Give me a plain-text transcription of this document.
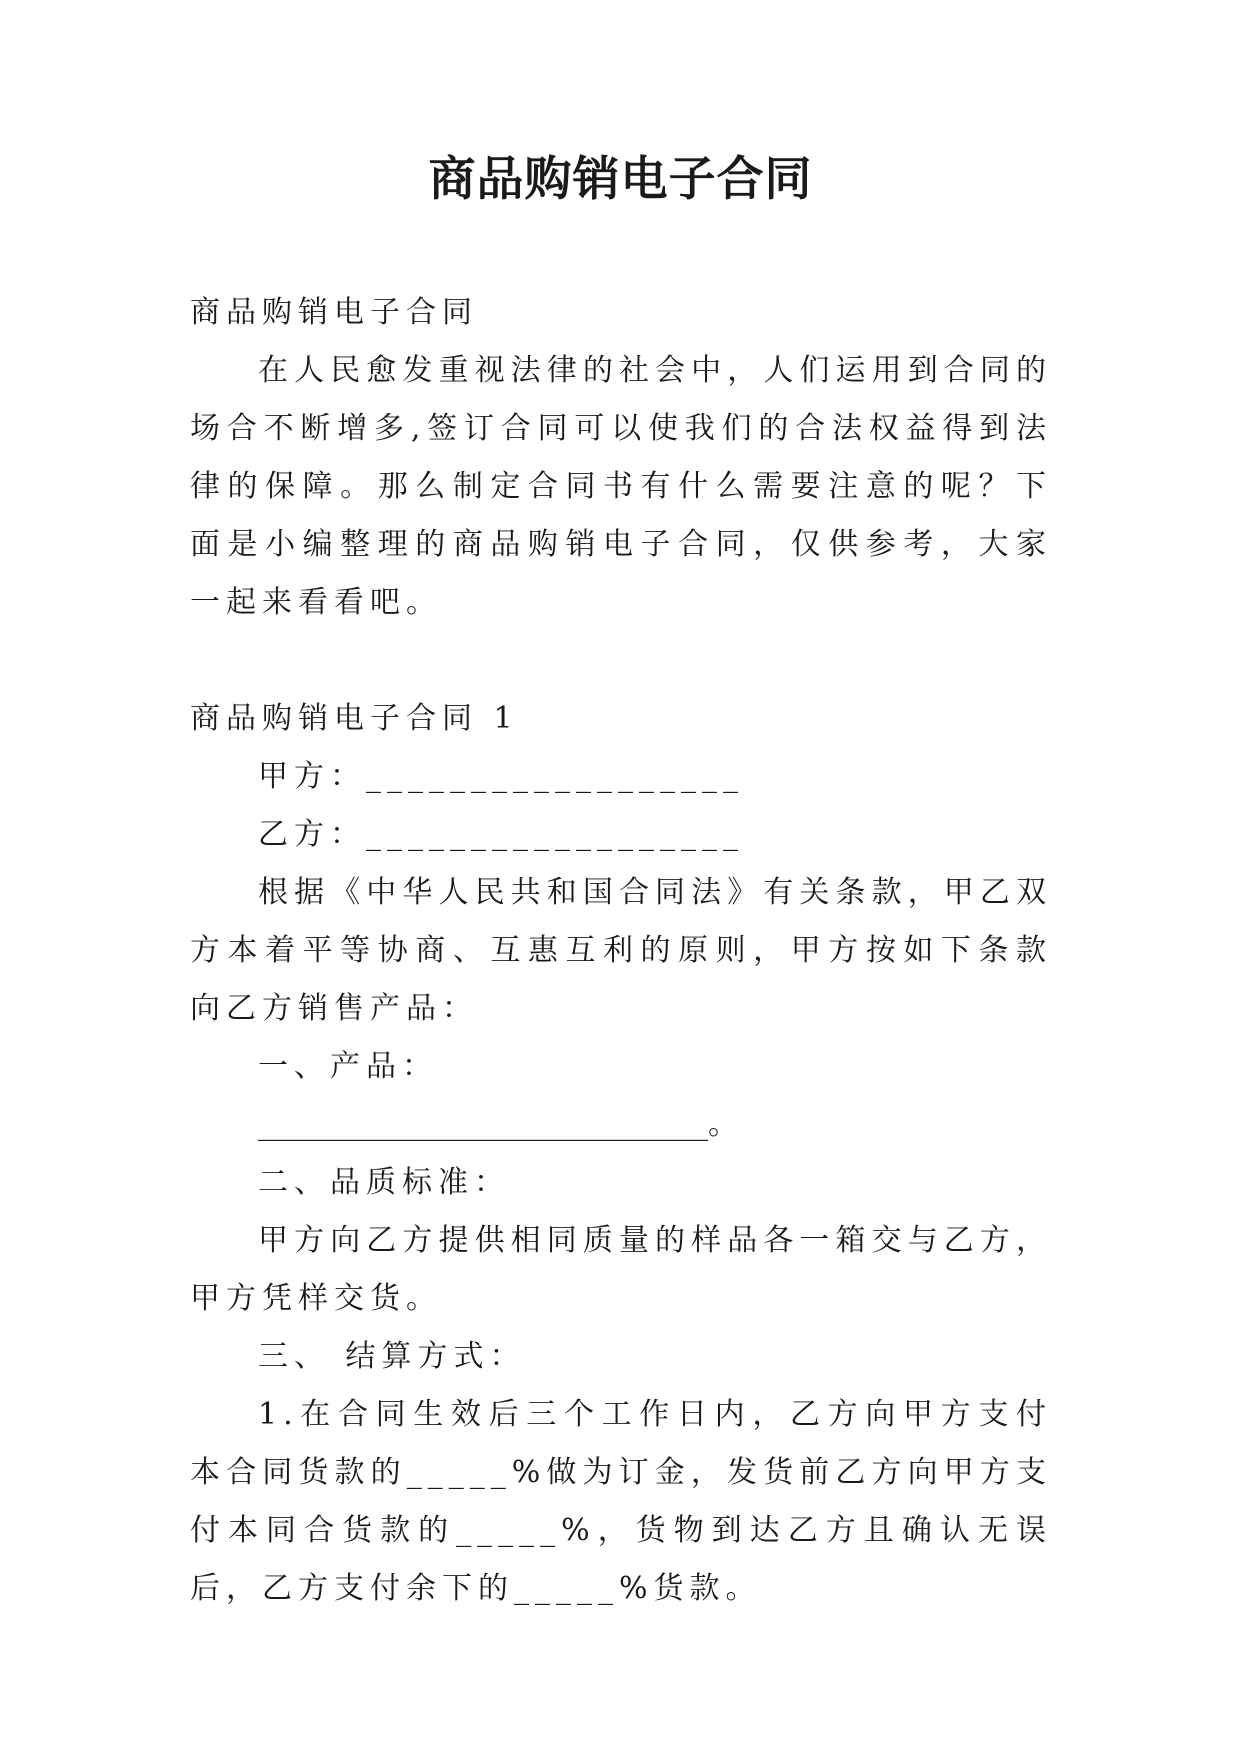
商品购销电子合同

商品购销电子合同

在人民愈发重视法律的社会中，人们运用到合同的场合不断增多,签订合同可以使我们的合法权益得到法律的保障。那么制定合同书有什么需要注意的呢？下面是小编整理的商品购销电子合同，仅供参考，大家一起来看看吧。

商品购销电子合同 1

甲方：__________________

乙方：__________________

根据《中华人民共和国合同法》有关条款，甲乙双方本着平等协商、互惠互利的原则，甲方按如下条款向乙方销售产品：

一、产品：

______________________________。

二、品质标准：

甲方向乙方提供相同质量的样品各一箱交与乙方，甲方凭样交货。

三、 结算方式：

1.在合同生效后三个工作日内，乙方向甲方支付本合同货款的_____%做为订金，发货前乙方向甲方支付本同合货款的_____%，货物到达乙方且确认无误后，乙方支付余下的_____%货款。
